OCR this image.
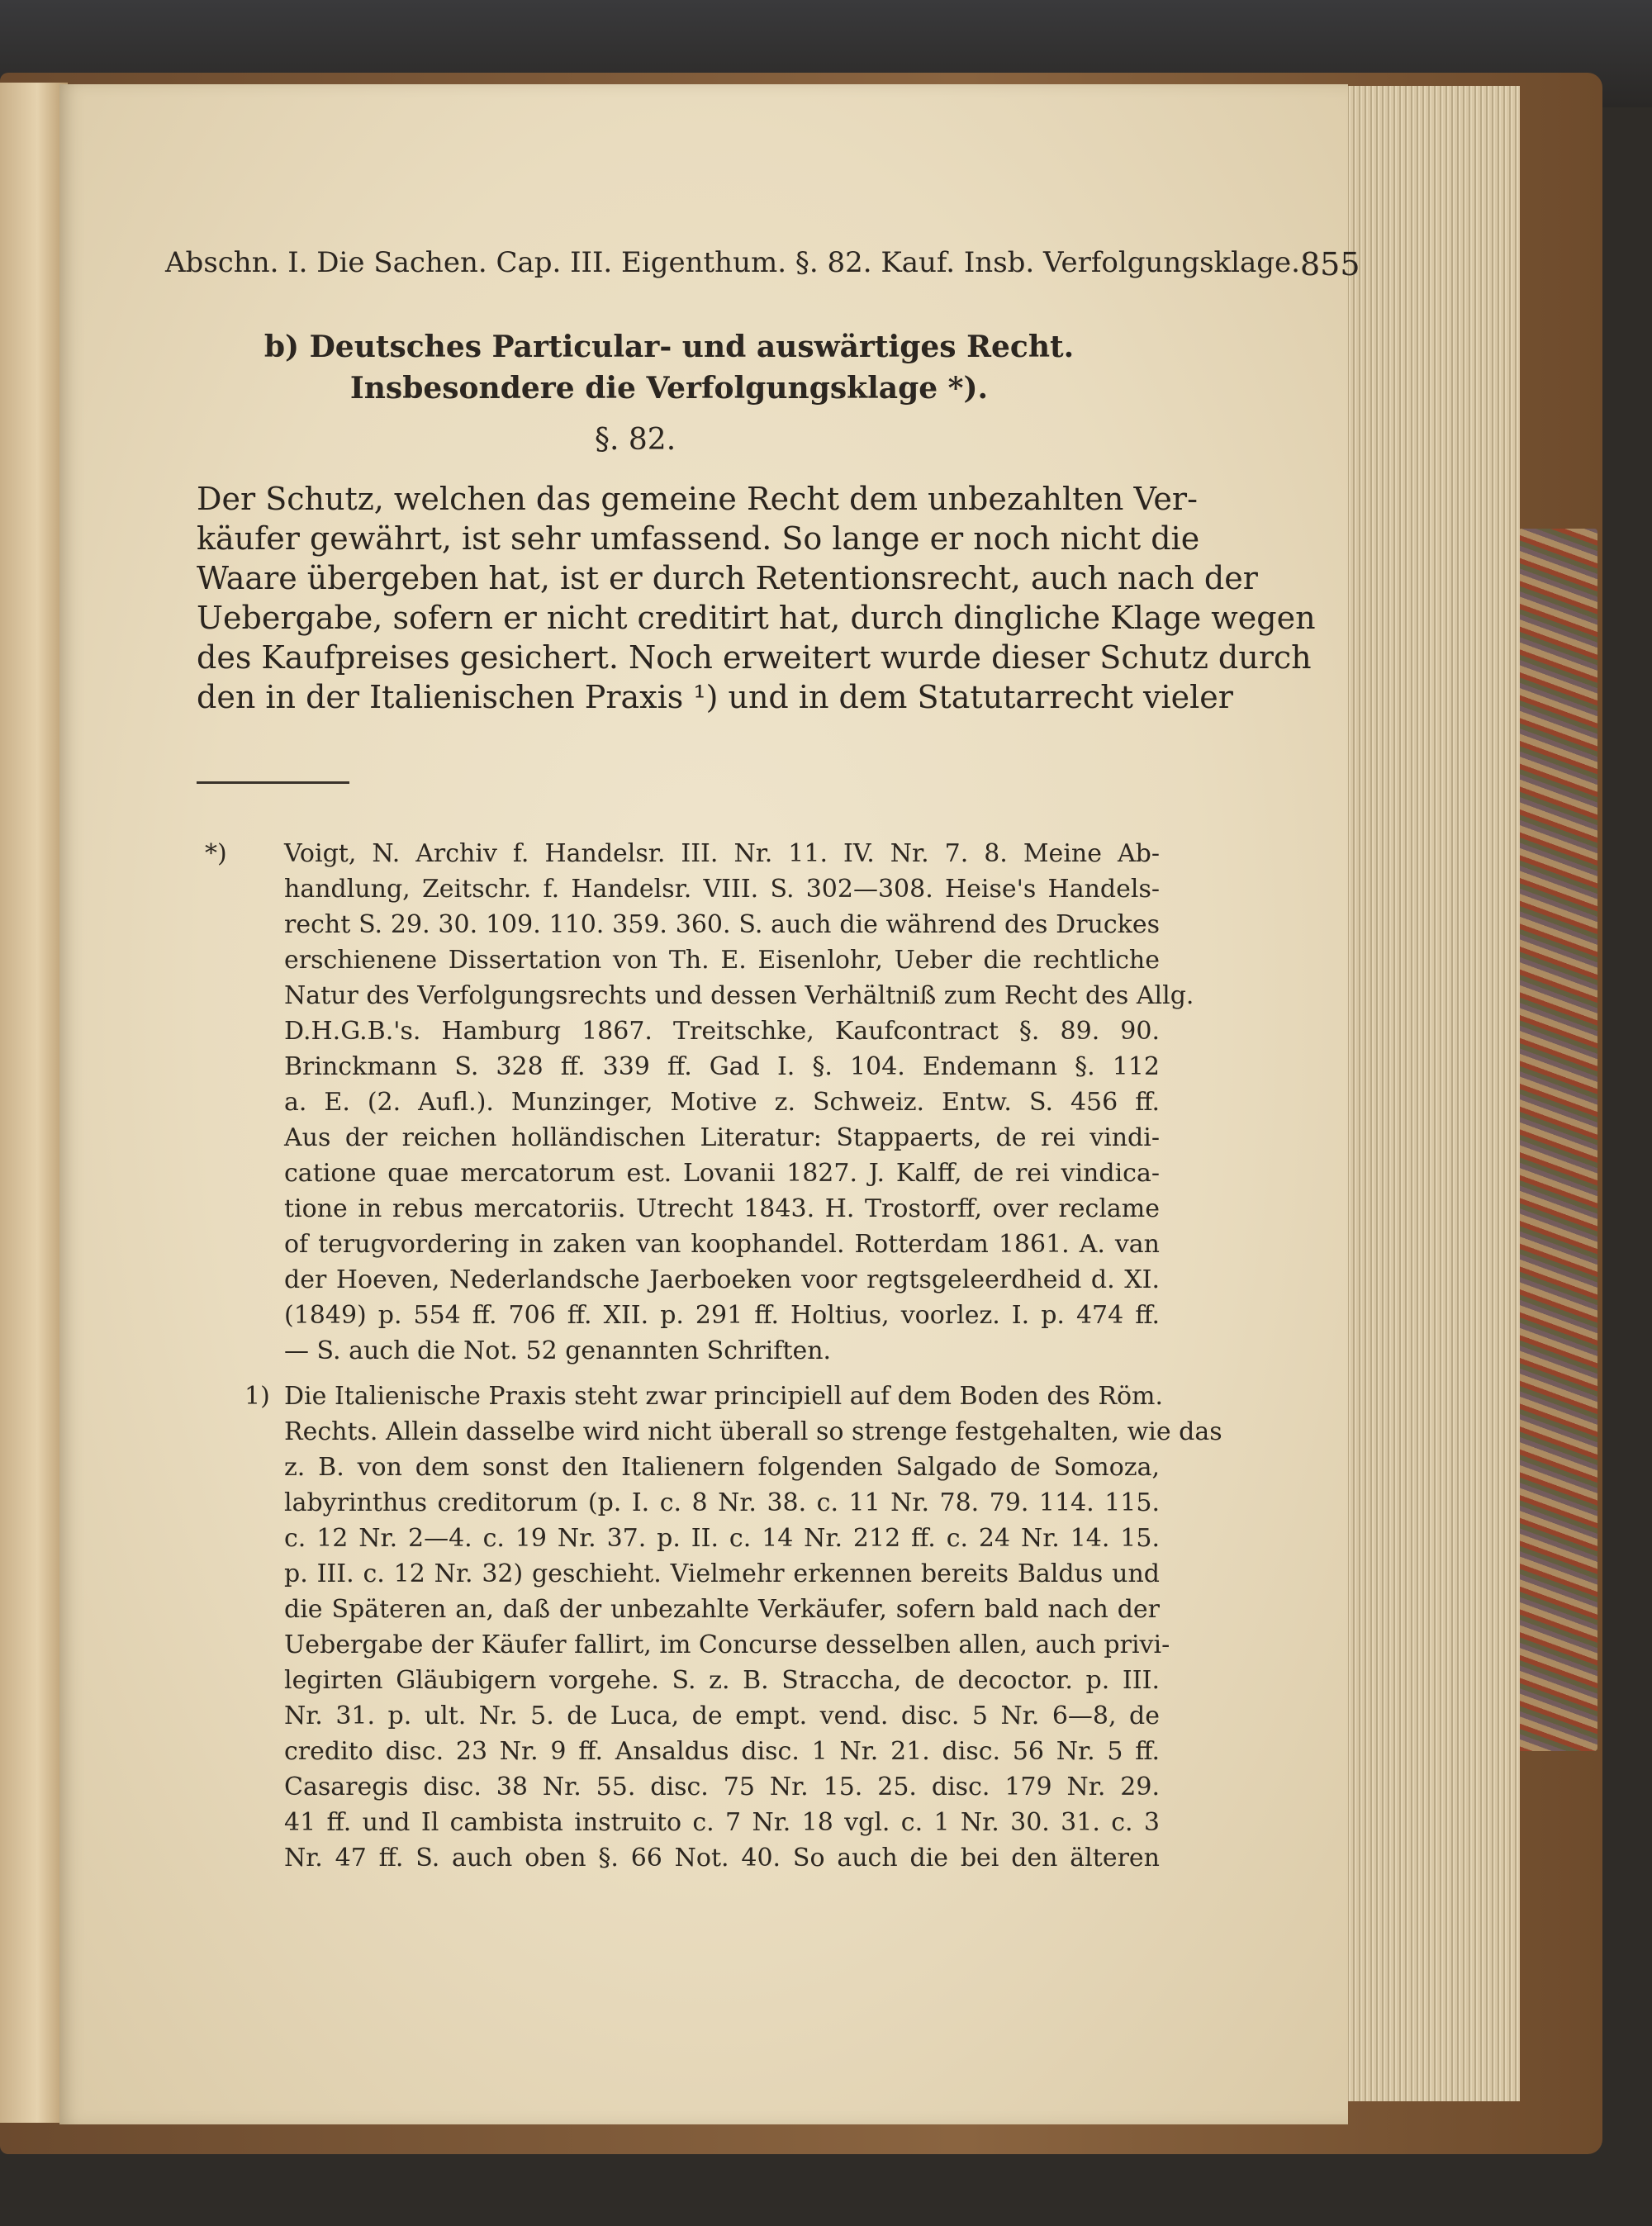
Abschn. I. Die Sachen. Cap. III. Eigenthum. §. 82. Kauf. Insb. Verfolgungsklage. 855
b) Deutsches Particular- und auswärtiges Recht. Insbesondere die Verfolgungsklage *).
§. 82.
Der Schutz, welchen das gemeine Recht dem unbezahlten Ver-
käufer gewährt, ist sehr umfassend. So lange er noch nicht die
Waare übergeben hat, ist er durch Retentionsrecht, auch nach der
Uebergabe, sofern er nicht creditirt hat, durch dingliche Klage wegen
des Kaufpreises gesichert. Noch erweitert wurde dieser Schutz durch
den in der Italienischen Praxis ¹) und in dem Statutarrecht vieler
*) Voigt, N. Archiv f. Handelsr. III. Nr. 11. IV. Nr. 7. 8. Meine Ab-
handlung, Zeitschr. f. Handelsr. VIII. S. 302—308. Heise's Handels-
recht S. 29. 30. 109. 110. 359. 360. S. auch die während des Druckes
erschienene Dissertation von Th. E. Eisenlohr, Ueber die rechtliche
Natur des Verfolgungsrechts und dessen Verhältniß zum Recht des Allg.
D.H.G.B.'s. Hamburg 1867. Treitschke, Kaufcontract §. 89. 90.
Brinckmann S. 328 ff. 339 ff. Gad I. §. 104. Endemann §. 112
a. E. (2. Aufl.). Munzinger, Motive z. Schweiz. Entw. S. 456 ff.
Aus der reichen holländischen Literatur: Stappaerts, de rei vindi-
catione quae mercatorum est. Lovanii 1827. J. Kalff, de rei vindica-
tione in rebus mercatoriis. Utrecht 1843. H. Trostorff, over reclame
of terugvordering in zaken van koophandel. Rotterdam 1861. A. van
der Hoeven, Nederlandsche Jaerboeken voor regtsgeleerdheid d. XI.
(1849) p. 554 ff. 706 ff. XII. p. 291 ff. Holtius, voorlez. I. p. 474 ff.
— S. auch die Not. 52 genannten Schriften.
1) Die Italienische Praxis steht zwar principiell auf dem Boden des Röm.
Rechts. Allein dasselbe wird nicht überall so strenge festgehalten, wie das
z. B. von dem sonst den Italienern folgenden Salgado de Somoza,
labyrinthus creditorum (p. I. c. 8 Nr. 38. c. 11 Nr. 78. 79. 114. 115.
c. 12 Nr. 2—4. c. 19 Nr. 37. p. II. c. 14 Nr. 212 ff. c. 24 Nr. 14. 15.
p. III. c. 12 Nr. 32) geschieht. Vielmehr erkennen bereits Baldus und
die Späteren an, daß der unbezahlte Verkäufer, sofern bald nach der
Uebergabe der Käufer fallirt, im Concurse desselben allen, auch privi-
legirten Gläubigern vorgehe. S. z. B. Straccha, de decoctor. p. III.
Nr. 31. p. ult. Nr. 5. de Luca, de empt. vend. disc. 5 Nr. 6—8, de
credito disc. 23 Nr. 9 ff. Ansaldus disc. 1 Nr. 21. disc. 56 Nr. 5 ff.
Casaregis disc. 38 Nr. 55. disc. 75 Nr. 15. 25. disc. 179 Nr. 29.
41 ff. und Il cambista instruito c. 7 Nr. 18 vgl. c. 1 Nr. 30. 31. c. 3
Nr. 47 ff. S. auch oben §. 66 Not. 40. So auch die bei den älteren
